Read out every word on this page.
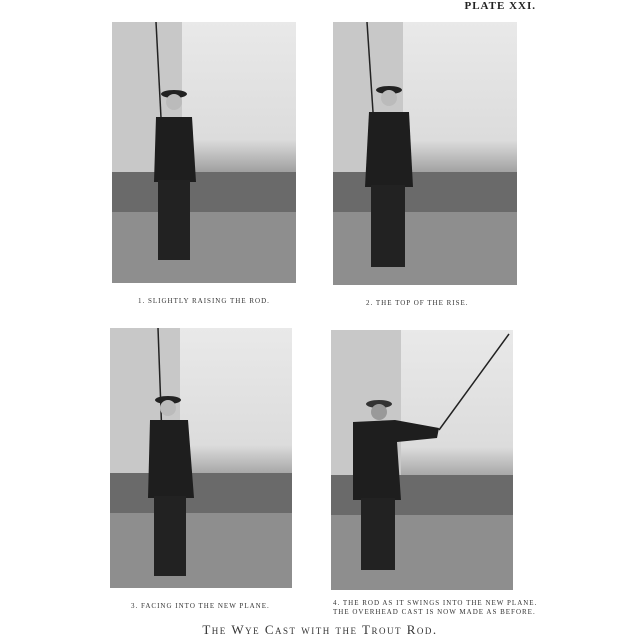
PLATE XXI.
1. SLIGHTLY RAISING THE ROD.	2. THE TOP OF THE RISE.
3. FACING INTO THE NEW PLANE.	4. THE ROD AS IT SWINGS INTO THE NEW PLANE.
THE OVERHEAD CAST IS NOW MADE AS BEFORE.
The Wye Cast with the Trout Rod.
